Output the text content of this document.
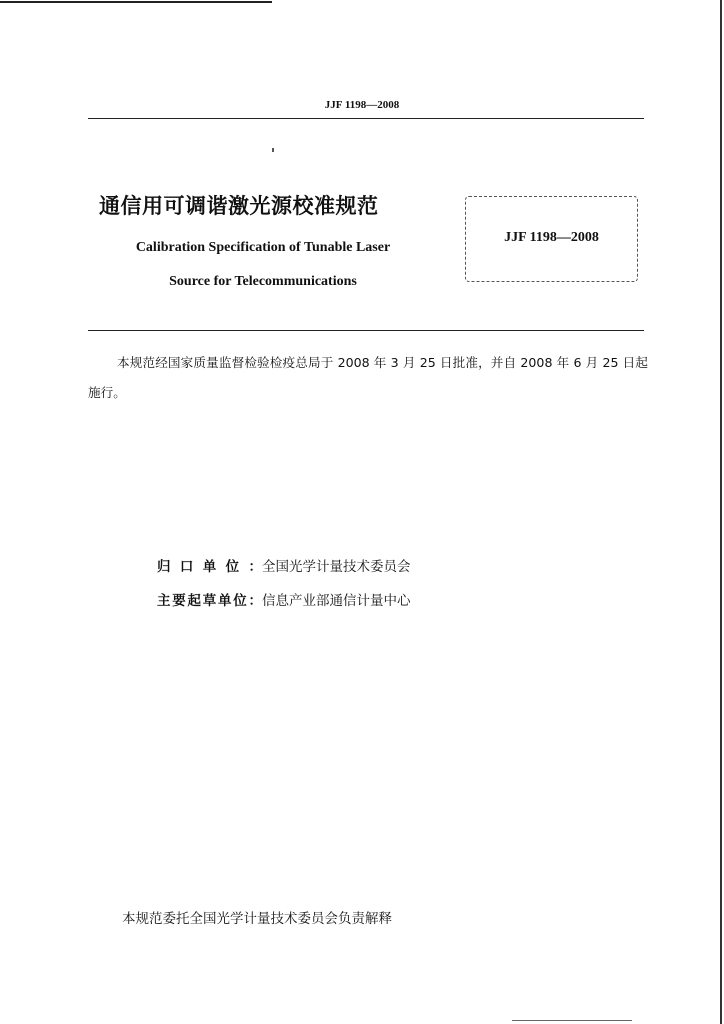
JJF 1198—2008
通信用可调谐激光源校准规范
Calibration Specification of Tunable Laser
Source for Telecommunications
JJF 1198—2008
本规范经国家质量监督检验检疫总局于 2008 年 3 月 25 日批准，并自 2008 年 6 月 25 日起施行。
归口单位：全国光学计量技术委员会
主要起草单位：信息产业部通信计量中心
本规范委托全国光学计量技术委员会负责解释
